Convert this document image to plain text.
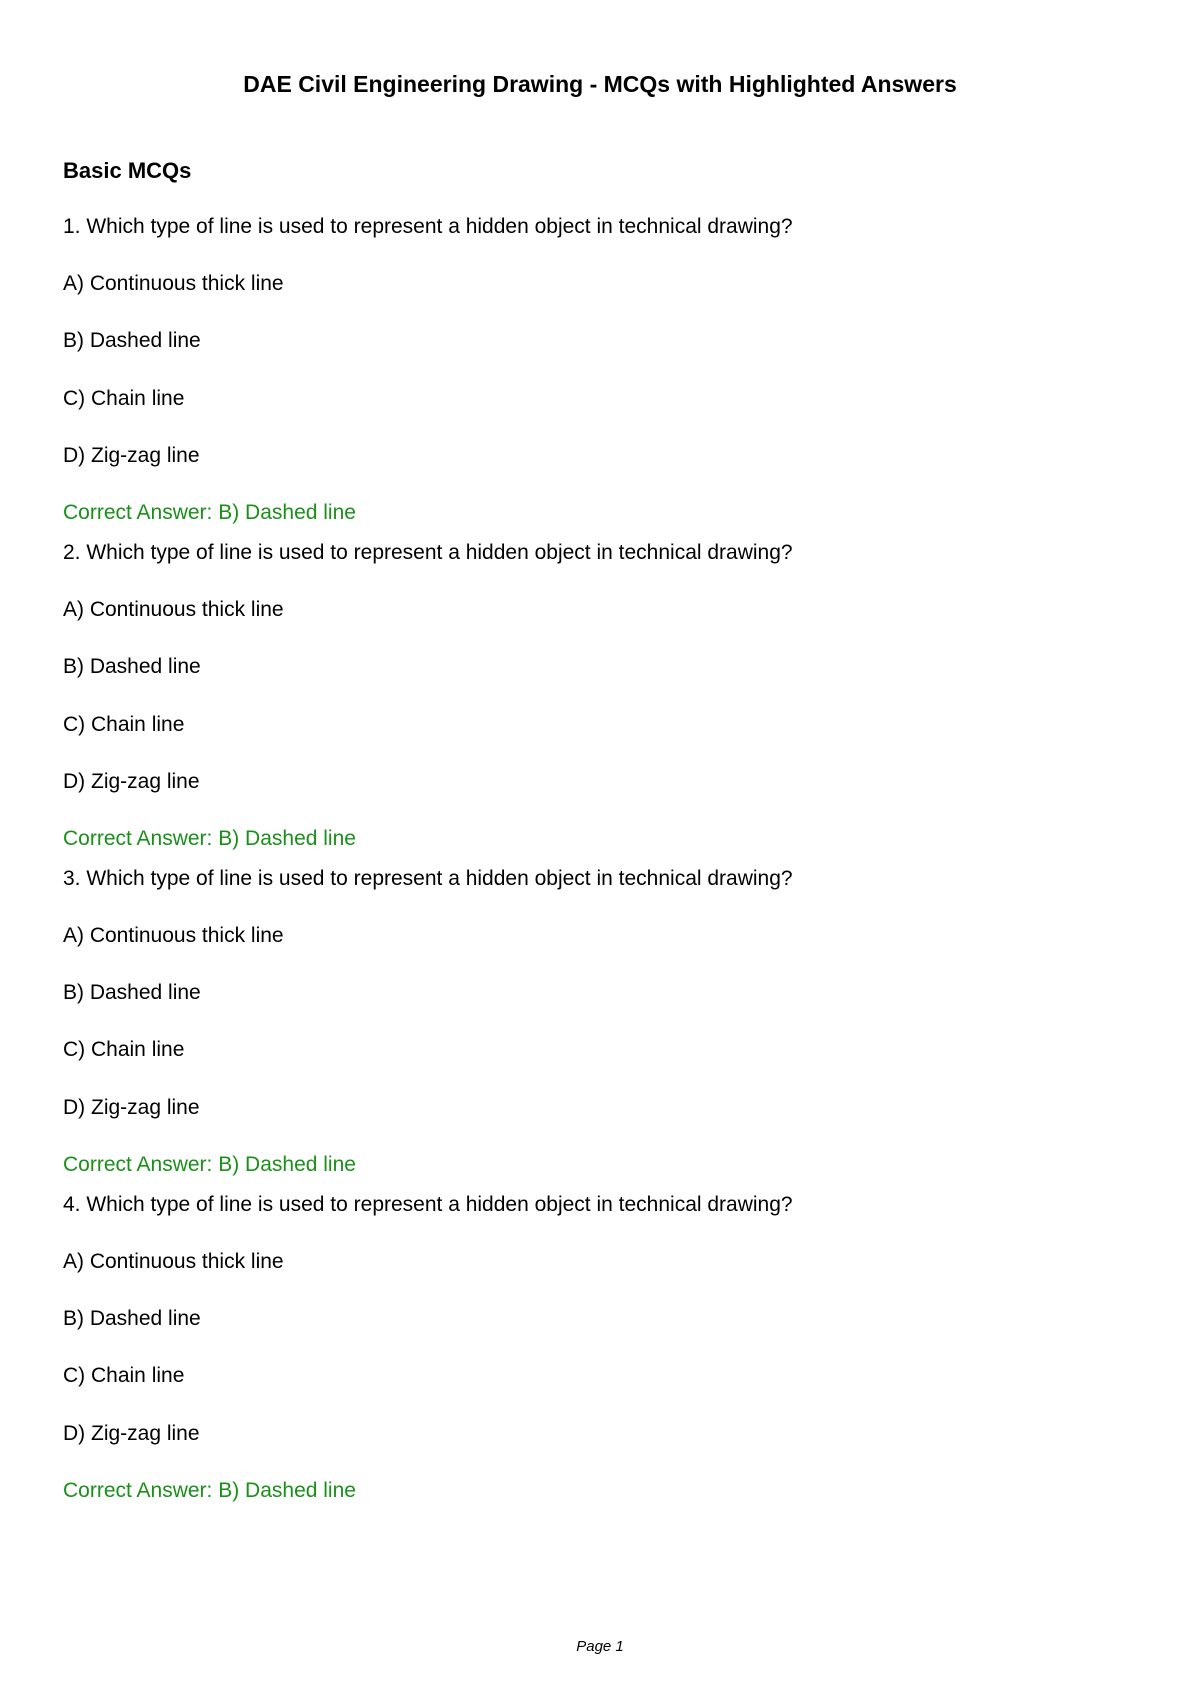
DAE Civil Engineering Drawing - MCQs with Highlighted Answers
Basic MCQs
1. Which type of line is used to represent a hidden object in technical drawing?
A) Continuous thick line
B) Dashed line
C) Chain line
D) Zig-zag line
Correct Answer: B) Dashed line
2. Which type of line is used to represent a hidden object in technical drawing?
A) Continuous thick line
B) Dashed line
C) Chain line
D) Zig-zag line
Correct Answer: B) Dashed line
3. Which type of line is used to represent a hidden object in technical drawing?
A) Continuous thick line
B) Dashed line
C) Chain line
D) Zig-zag line
Correct Answer: B) Dashed line
4. Which type of line is used to represent a hidden object in technical drawing?
A) Continuous thick line
B) Dashed line
C) Chain line
D) Zig-zag line
Correct Answer: B) Dashed line
Page 1
